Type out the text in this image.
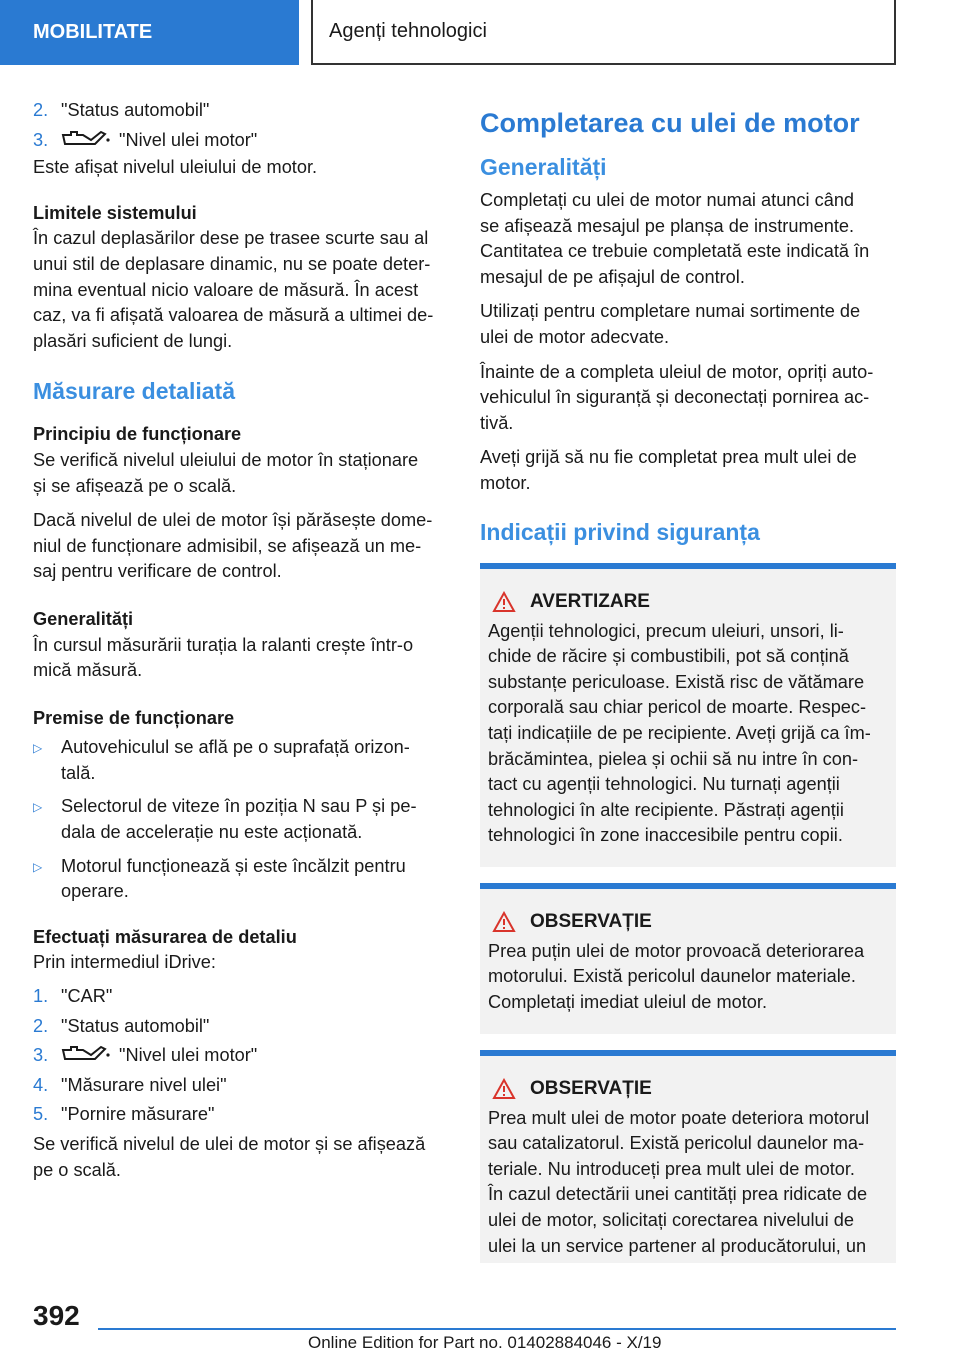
MOBILITATE	Agenți tehnologici
2. "Status automobil"
3.	"Nivel ulei motor"

Este afișat nivelul uleiului de motor.

Limitele sistemului
În cazul deplasărilor dese pe trasee scurte sau al
unui stil de deplasare dinamic, nu se poate deter-
mina eventual nicio valoare de măsură. În acest
caz, va fi afișată valoarea de măsură a ultimei de-
plasări suficient de lungi.
Măsurare detaliată
Principiu de funcționare
Se verifică nivelul uleiului de motor în staționare
și se afișează pe o scală.
Dacă nivelul de ulei de motor își părăsește dome-
niul de funcționare admisibil, se afișează un me-
saj pentru verificare de control.
Generalități
În cursul măsurării turația la ralanti crește într-o
mică măsură.
Premise de funcționare
▷	Autovehiculul se află pe o suprafață orizon-
tală.
▷	Selectorul de viteze în poziția N sau P și pe-
dala de accelerație nu este acționată.
▷	Motorul funcționează și este încălzit pentru
operare.
Efectuați măsurarea de detaliu

Prin intermediul iDrive:

1. "CAR"
2. "Status automobil"
3.	"Nivel ulei motor"
4. "Măsurare nivel ulei"
5. "Pornire măsurare"
Se verifică nivelul de ulei de motor și se afișează
pe o scală.
Completarea cu ulei de motor
Generalități
Completați cu ulei de motor numai atunci când
se afișează mesajul pe planșa de instrumente.
Cantitatea ce trebuie completată este indicată în
mesajul de pe afișajul de control.
Utilizați pentru completare numai sortimente de
ulei de motor adecvate.
Înainte de a completa uleiul de motor, opriți auto-
vehiculul în siguranță și deconectați pornirea ac-
tivă.
Aveți grijă să nu fie completat prea mult ulei de
motor.
Indicații privind siguranța
AVERTIZARE
Agenții tehnologici, precum uleiuri, unsori, li-
chide de răcire și combustibili, pot să conțină
substanțe periculoase. Există risc de vătămare
corporală sau chiar pericol de moarte. Respec-
tați indicațiile de pe recipiente. Aveți grijă ca îm-
brăcămintea, pielea și ochii să nu intre în con-
tact cu agenții tehnologici. Nu turnați agenții
tehnologici în alte recipiente. Păstrați agenții
tehnologici în zone inaccesibile pentru copii.
OBSERVAȚIE
Prea puțin ulei de motor provoacă deteriorarea
motorului. Există pericolul daunelor materiale.
Completați imediat uleiul de motor.
OBSERVAȚIE
Prea mult ulei de motor poate deteriora motorul
sau catalizatorul. Există pericolul daunelor ma-
teriale. Nu introduceți prea mult ulei de motor.
În cazul detectării unei cantități prea ridicate de
ulei de motor, solicitați corectarea nivelului de
ulei la un service partener al producătorului, un
392
Online Edition for Part no. 01402884046 - X/19
